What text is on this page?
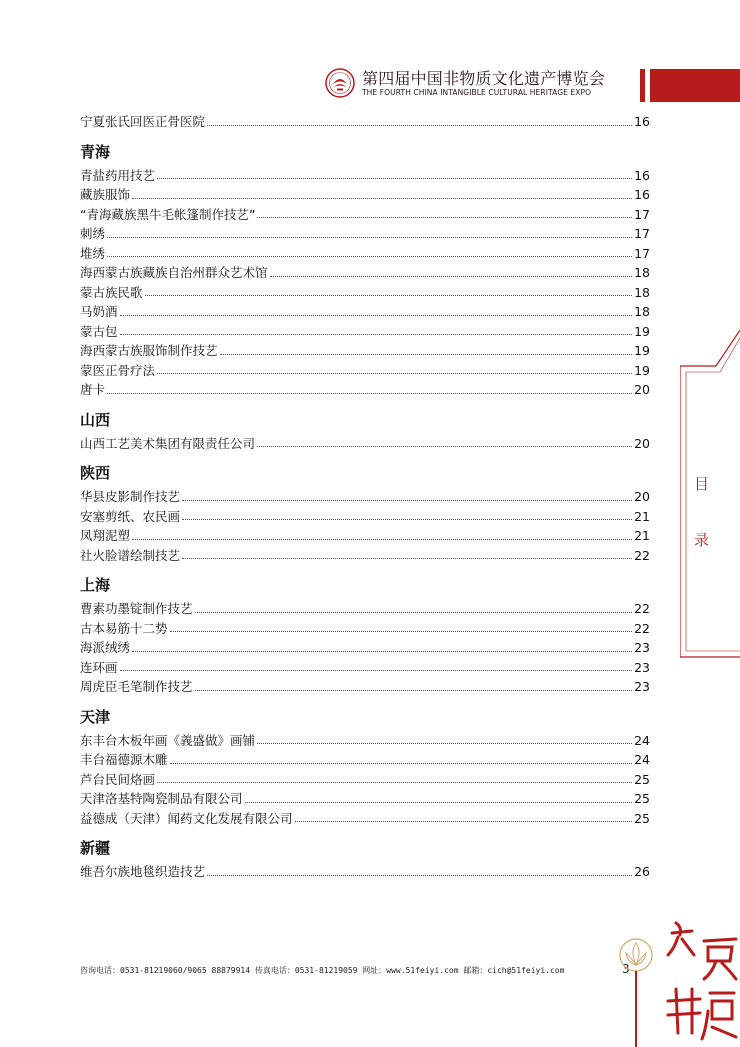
第四届中国非物质文化遗产博览会
THE FOURTH CHINA INTANGIBLE CULTURAL HERITAGE EXPO
目
录
宁夏张氏回医正骨医院	16
青海
青盐药用技艺	16
藏族服饰	16
“青海藏族黑牛毛帐篷制作技艺”	17
刺绣	17
堆绣	17
海西蒙古族藏族自治州群众艺术馆	18
蒙古族民歌	18
马奶酒	18
蒙古包	19
海西蒙古族服饰制作技艺	19
蒙医正骨疗法	19
唐卡	20
山西
山西工艺美术集团有限责任公司	20
陕西
华县皮影制作技艺	20
安塞剪纸、农民画	21
凤翔泥塑	21
社火脸谱绘制技艺	22
上海
曹素功墨锭制作技艺	22
古本易筋十二势	22
海派绒绣	23
连环画	23
周虎臣毛笔制作技艺	23
天津
东丰台木板年画《義盛做》画铺	24
丰台福德源木雕	24
芦台民间烙画	25
天津洛基特陶瓷制品有限公司	25
益德成（天津）闻药文化发展有限公司	25
新疆
维吾尔族地毯织造技艺	26
咨询电话：0531-81219060/9065 88879914 传真电话：0531-81219059 网址：www.51feiyi.com 邮箱：cich@51feiyi.com	3
